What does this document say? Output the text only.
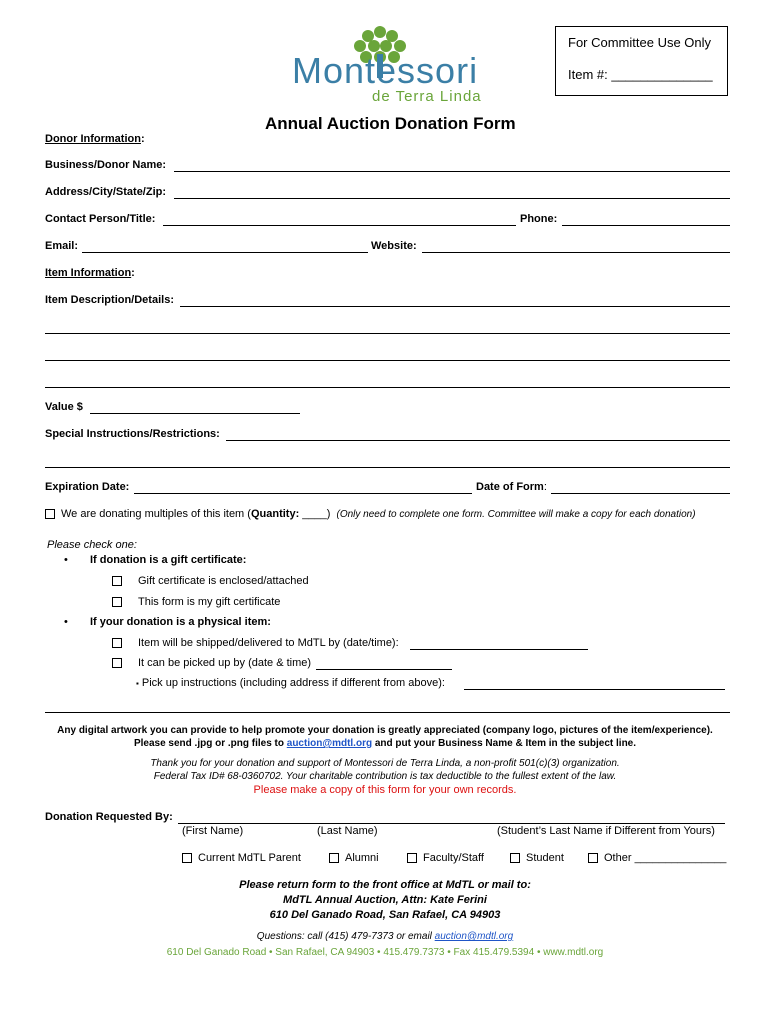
For Committee Use Only
Item #: ______________
Montessori
de Terra Linda
Annual Auction Donation Form
Donor Information:
Business/Donor Name:
Address/City/State/Zip:
Contact Person/Title:	Phone:
Email:	Website:
Item Information:
Item Description/Details:
Value $
Special Instructions/Restrictions:
Expiration Date:	Date of Form:
We are donating multiples of this item (Quantity: ____) (Only need to complete one form. Committee will make a copy for each donation)
Please check one:
• If donation is a gift certificate:
Gift certificate is enclosed/attached
This form is my gift certificate
• If your donation is a physical item:
Item will be shipped/delivered to MdTL by (date/time):
It can be picked up by (date & time)
▪ Pick up instructions (including address if different from above):
Any digital artwork you can provide to help promote your donation is greatly appreciated (company logo, pictures of the item/experience).
Please send .jpg or .png files to auction@mdtl.org and put your Business Name & Item in the subject line.
Thank you for your donation and support of Montessori de Terra Linda, a non-profit 501(c)(3) organization.
Federal Tax ID# 68-0360702. Your charitable contribution is tax deductible to the fullest extent of the law.
Please make a copy of this form for your own records.
Donation Requested By:
(First Name)	(Last Name)	(Student’s Last Name if Different from Yours)
Current MdTL Parent	Alumni	Faculty/Staff	Student	Other _______________
Please return form to the front office at MdTL or mail to:
MdTL Annual Auction, Attn: Kate Ferini
610 Del Ganado Road, San Rafael, CA 94903
Questions: call (415) 479-7373 or email auction@mdtl.org
610 Del Ganado Road • San Rafael, CA 94903 • 415.479.7373 • Fax 415.479.5394 • www.mdtl.org
